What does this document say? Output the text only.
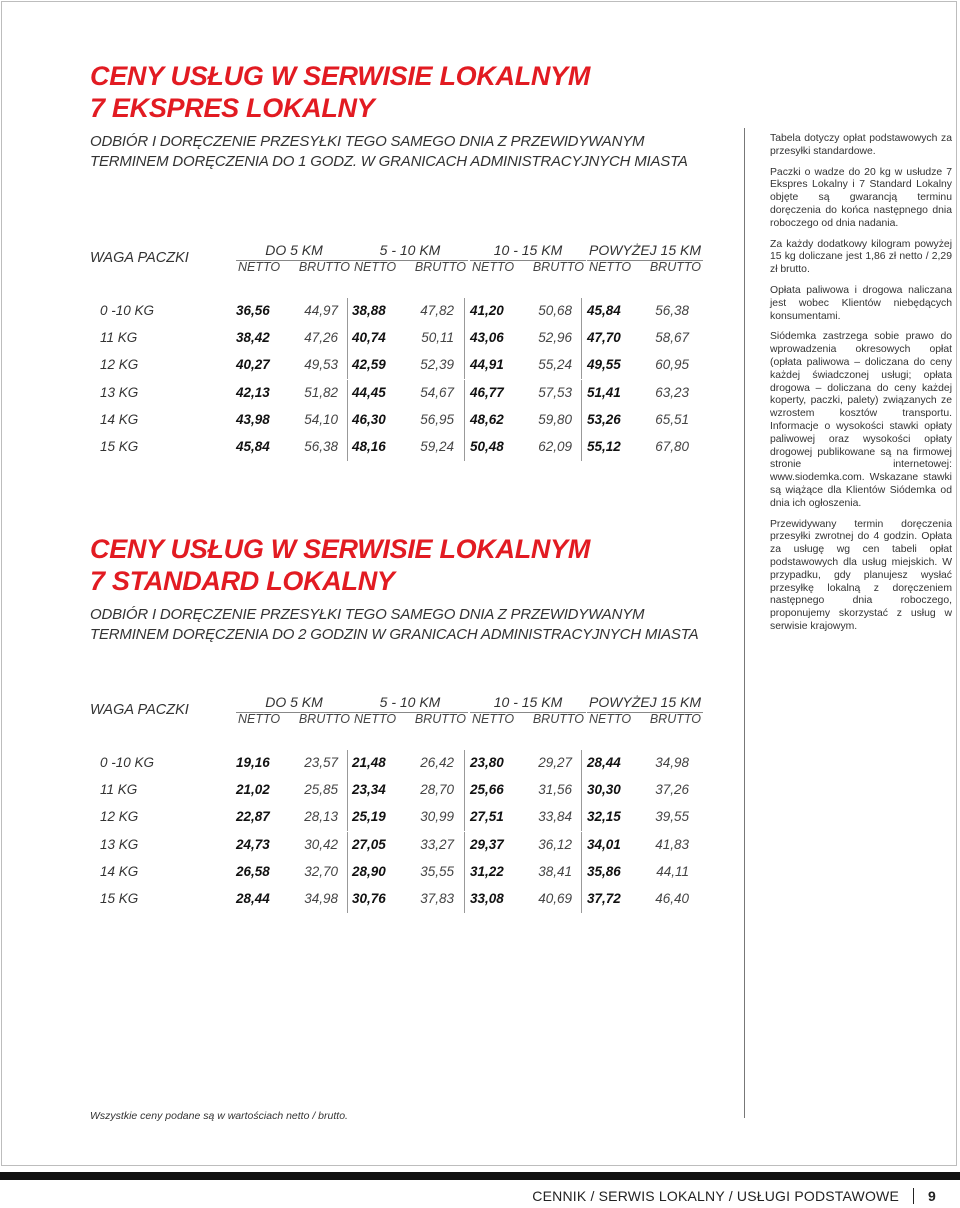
CENY USŁUG W SERWISIE LOKALNYM
7 EKSPRES LOKALNY
ODBIÓR I DORĘCZENIE PRZESYŁKI TEGO SAMEGO DNIA Z PRZEWIDYWANYM
TERMINEM DORĘCZENIA DO 1 GODZ. W GRANICACH ADMINISTRACYJNYCH MIASTA
WAGA PACZKI	DO 5 KM
NETTO BRUTTO
5 - 10 KM
NETTO BRUTTO
10 - 15 KM
NETTO BRUTTO
POWYŻEJ 15 KM
NETTO BRUTTO
0 -10 KG	36,56	44,97 38,88	47,82 41,20	50,68 45,84	56,38
11 KG	38,42	47,26 40,74	50,11 43,06	52,96 47,70	58,67
12 KG	40,27	49,53 42,59	52,39 44,91	55,24 49,55	60,95
13 KG	42,13	51,82 44,45	54,67 46,77	57,53 51,41	63,23
14 KG	43,98	54,10 46,30	56,95 48,62	59,80 53,26	65,51
15 KG	45,84	56,38 48,16	59,24 50,48	62,09 55,12	67,80
CENY USŁUG W SERWISIE LOKALNYM
7 STANDARD LOKALNY
ODBIÓR I DORĘCZENIE PRZESYŁKI TEGO SAMEGO DNIA Z PRZEWIDYWANYM
TERMINEM DORĘCZENIA DO 2 GODZIN W GRANICACH ADMINISTRACYJNYCH MIASTA
WAGA PACZKI	DO 5 KM
NETTO BRUTTO
5 - 10 KM
NETTO BRUTTO
10 - 15 KM
NETTO BRUTTO
POWYŻEJ 15 KM
NETTO BRUTTO
0 -10 KG	19,16	23,57 21,48	26,42 23,80	29,27 28,44	34,98
11 KG	21,02	25,85 23,34	28,70 25,66	31,56 30,30	37,26
12 KG	22,87	28,13 25,19	30,99 27,51	33,84 32,15	39,55
13 KG	24,73	30,42 27,05	33,27 29,37	36,12 34,01	41,83
14 KG	26,58	32,70 28,90	35,55 31,22	38,41 35,86	44,11
15 KG	28,44	34,98 30,76	37,83 33,08	40,69 37,72	46,40

Tabela dotyczy opłat podstawowych za przesyłki standardowe.

Paczki o wadze do 20 kg w usłudze 7 Ekspres Lokalny i 7 Standard Lokalny objęte są gwarancją terminu doręczenia do końca następnego dnia roboczego od dnia nadania.

Za każdy dodatkowy kilogram powyżej 15 kg doliczane jest 1,86 zł netto / 2,29 zł brutto.

Opłata paliwowa i drogowa naliczana jest wobec Klientów niebędących konsumentami.

Siódemka zastrzega sobie prawo do wprowadzenia okresowych opłat (opłata paliwowa – doliczana do ceny każdej świadczonej usługi; opłata drogowa – doliczana do ceny każdej koperty, paczki, palety) związanych ze wzrostem kosztów transportu. Informacje o wysokości stawki opłaty paliwowej oraz wysokości opłaty drogowej publikowane są na firmowej stronie internetowej: www.siodemka.com. Wskazane stawki są wiążące dla Klientów Siódemka od dnia ich ogłoszenia.

Przewidywany termin doręczenia przesyłki zwrotnej do 4 godzin. Opłata za usługę wg cen tabeli opłat podstawowych dla usług miejskich. W przypadku, gdy planujesz wysłać przesyłkę lokalną z doręczeniem następnego dnia roboczego, proponujemy skorzystać z usług w serwisie krajowym.

Wszystkie ceny podane są w wartościach netto / brutto.
CENNIK / SERWIS LOKALNY / USŁUGI PODSTAWOWE 9
